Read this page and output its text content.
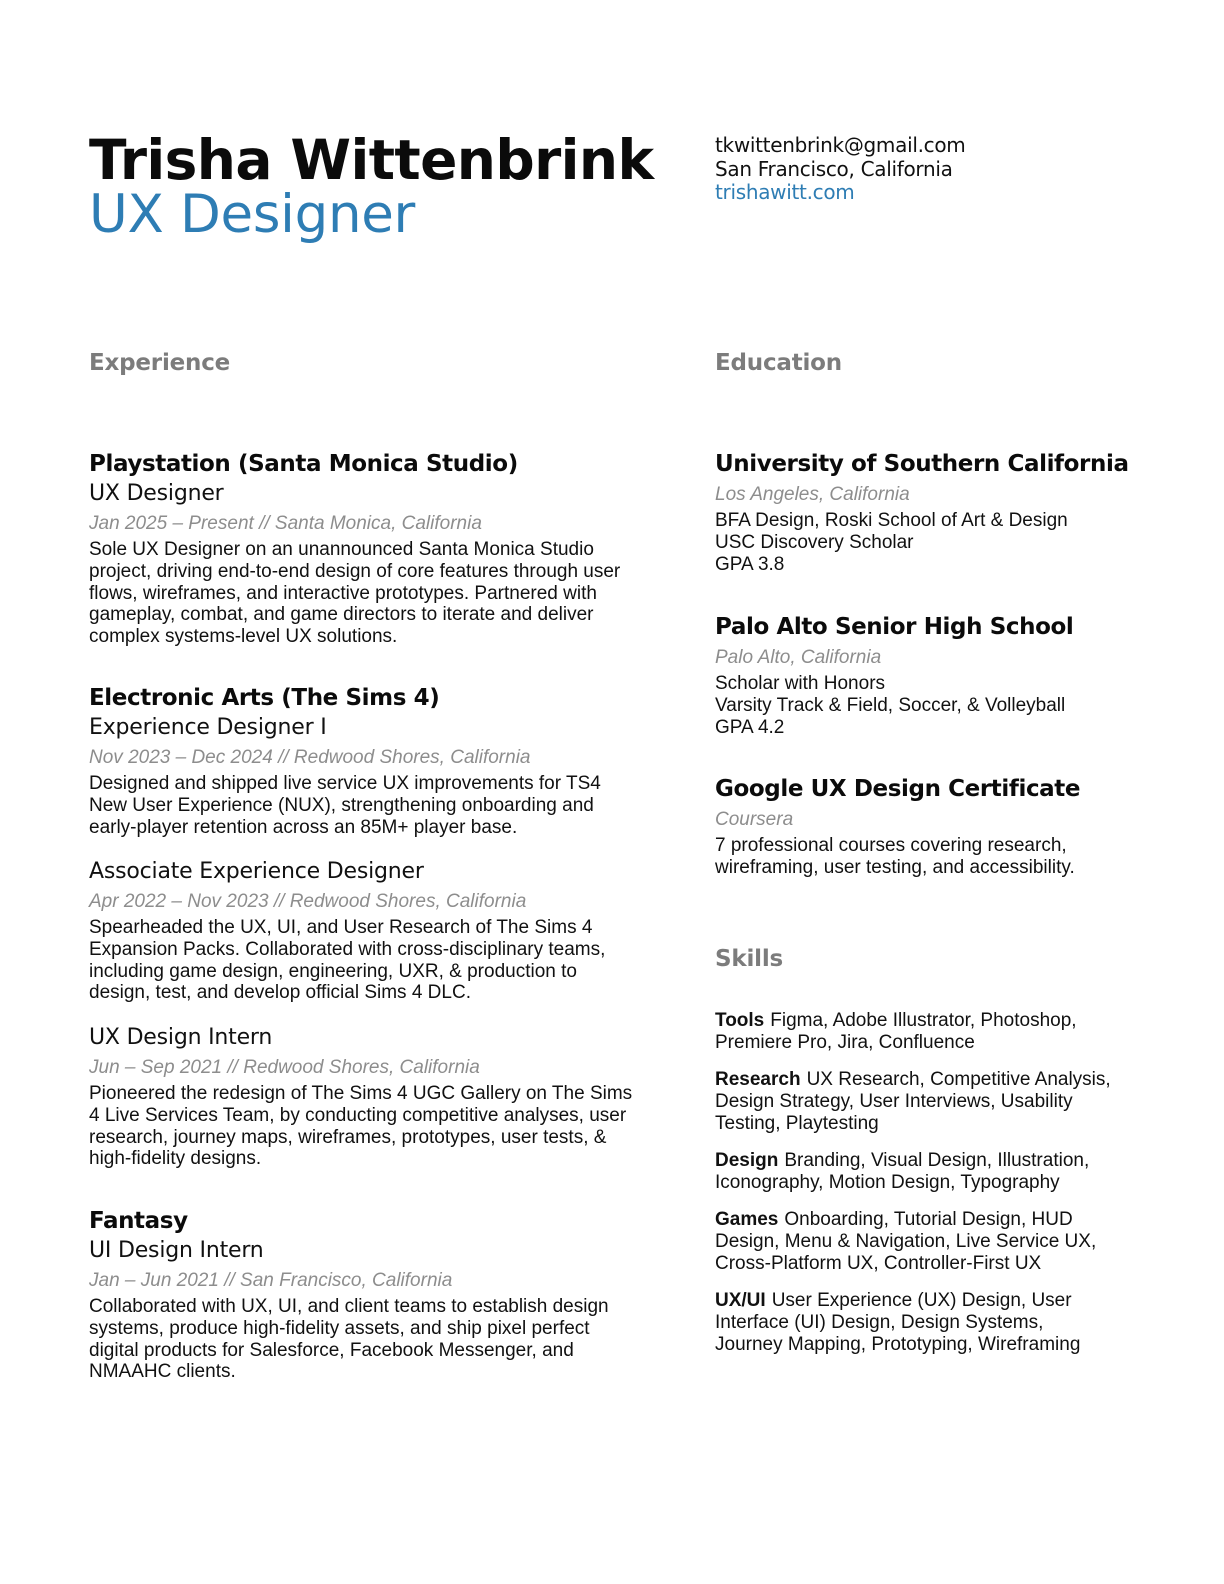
Trisha Wittenbrink
UX Designer
tkwittenbrink@gmail.com
San Francisco, California
trishawitt.com
Experience
Playstation (Santa Monica Studio)
UX Designer
Jan 2025 – Present // Santa Monica, California
Sole UX Designer on an unannounced Santa Monica Studio project, driving end-to-end design of core features through user flows, wireframes, and interactive prototypes. Partnered with gameplay, combat, and game directors to iterate and deliver complex systems-level UX solutions.
Electronic Arts (The Sims 4)
Experience Designer I
Nov 2023 – Dec 2024 // Redwood Shores, California
Designed and shipped live service UX improvements for TS4 New User Experience (NUX), strengthening onboarding and early-player retention across an 85M+ player base.
Associate Experience Designer
Apr 2022 – Nov 2023 // Redwood Shores, California
Spearheaded the UX, UI, and User Research of The Sims 4 Expansion Packs. Collaborated with cross-disciplinary teams, including game design, engineering, UXR, & production to design, test, and develop official Sims 4 DLC.
UX Design Intern
Jun – Sep 2021 // Redwood Shores, California
Pioneered the redesign of The Sims 4 UGC Gallery on The Sims 4 Live Services Team, by conducting competitive analyses, user research, journey maps, wireframes, prototypes, user tests, & high-fidelity designs.
Fantasy
UI Design Intern
Jan – Jun 2021 // San Francisco, California
Collaborated with UX, UI, and client teams to establish design systems, produce high-fidelity assets, and ship pixel perfect digital products for Salesforce, Facebook Messenger, and NMAAHC clients.
Education
University of Southern California
Los Angeles, California
BFA Design, Roski School of Art & Design
USC Discovery Scholar
GPA 3.8
Palo Alto Senior High School
Palo Alto, California
Scholar with Honors
Varsity Track & Field, Soccer, & Volleyball
GPA 4.2
Google UX Design Certificate
Coursera
7 professional courses covering research, wireframing, user testing, and accessibility.
Skills
Tools Figma, Adobe Illustrator, Photoshop, Premiere Pro, Jira, Confluence
Research UX Research, Competitive Analysis, Design Strategy, User Interviews, Usability Testing, Playtesting
Design Branding, Visual Design, Illustration, Iconography, Motion Design, Typography
Games Onboarding, Tutorial Design, HUD Design, Menu & Navigation, Live Service UX, Cross-Platform UX, Controller-First UX
UX/UI User Experience (UX) Design, User Interface (UI) Design, Design Systems, Journey Mapping, Prototyping, Wireframing
